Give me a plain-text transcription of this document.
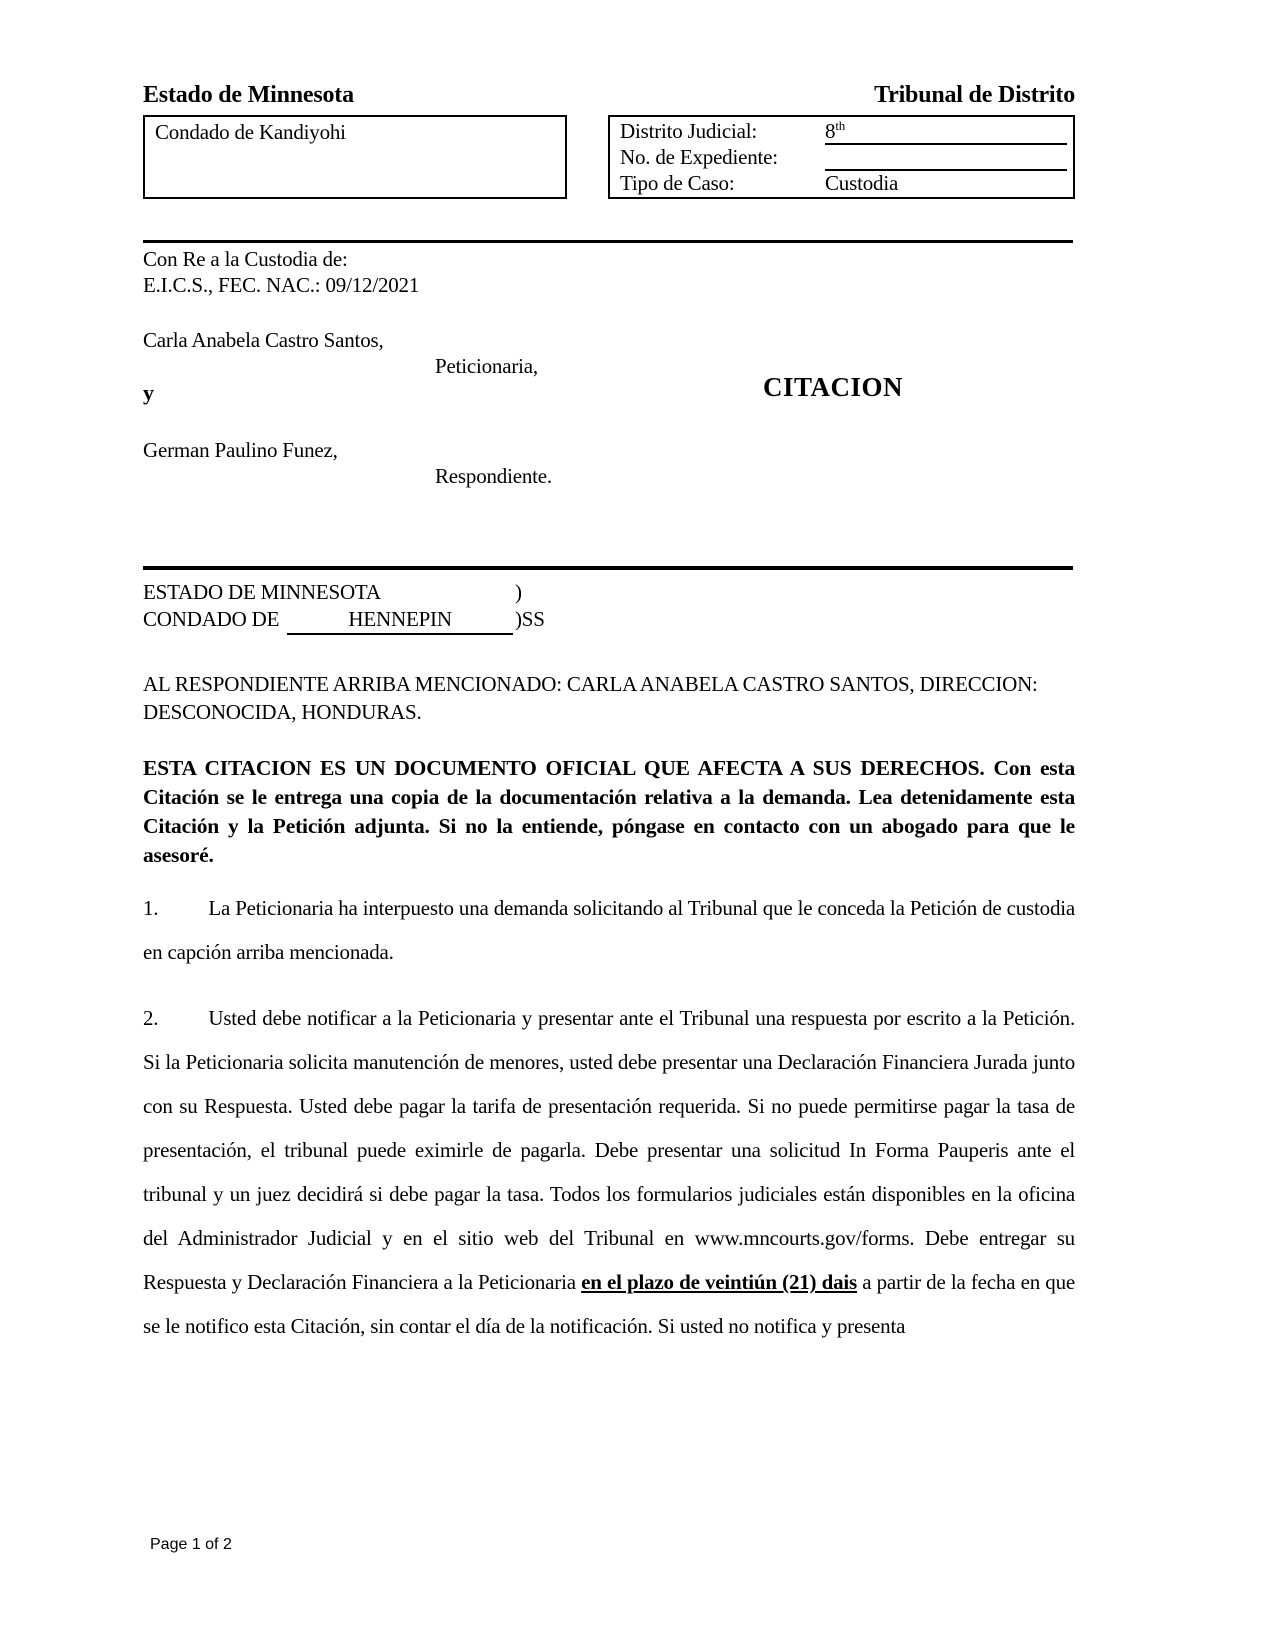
Estado de Minnesota	Tribunal de Distrito
Condado de Kandiyohi	Distrito Judicial:	8th
No. de Expediente:
Tipo de Caso:	Custodia
Con Re a la Custodia de:
E.I.C.S., FEC. NAC.: 09/12/2021
Carla Anabela Castro Santos,
Peticionaria,
y	CITACION
German Paulino Funez,
Respondiente.
ESTADO DE MINNESOTA	)
CONDADO DE	HENNEPIN	)SS
AL RESPONDIENTE ARRIBA MENCIONADO: CARLA ANABELA CASTRO SANTOS, DIRECCION: DESCONOCIDA, HONDURAS.
ESTA CITACION ES UN DOCUMENTO OFICIAL QUE AFECTA A SUS DERECHOS. Con esta Citación se le entrega una copia de la documentación relativa a la demanda. Lea detenidamente esta Citación y la Petición adjunta. Si no la entiende, póngase en contacto con un abogado para que le asesoré.
1. La Peticionaria ha interpuesto una demanda solicitando al Tribunal que le conceda la Petición de custodia en capción arriba mencionada.
2. Usted debe notificar a la Peticionaria y presentar ante el Tribunal una respuesta por escrito a la Petición. Si la Peticionaria solicita manutención de menores, usted debe presentar una Declaración Financiera Jurada junto con su Respuesta. Usted debe pagar la tarifa de presentación requerida. Si no puede permitirse pagar la tasa de presentación, el tribunal puede eximirle de pagarla. Debe presentar una solicitud In Forma Pauperis ante el tribunal y un juez decidirá si debe pagar la tasa. Todos los formularios judiciales están disponibles en la oficina del Administrador Judicial y en el sitio web del Tribunal en www.mncourts.gov/forms. Debe entregar su Respuesta y Declaración Financiera a la Peticionaria en el plazo de veintiún (21) dais a partir de la fecha en que se le notifico esta Citación, sin contar el día de la notificación. Si usted no notifica y presenta
Page 1 of 2
